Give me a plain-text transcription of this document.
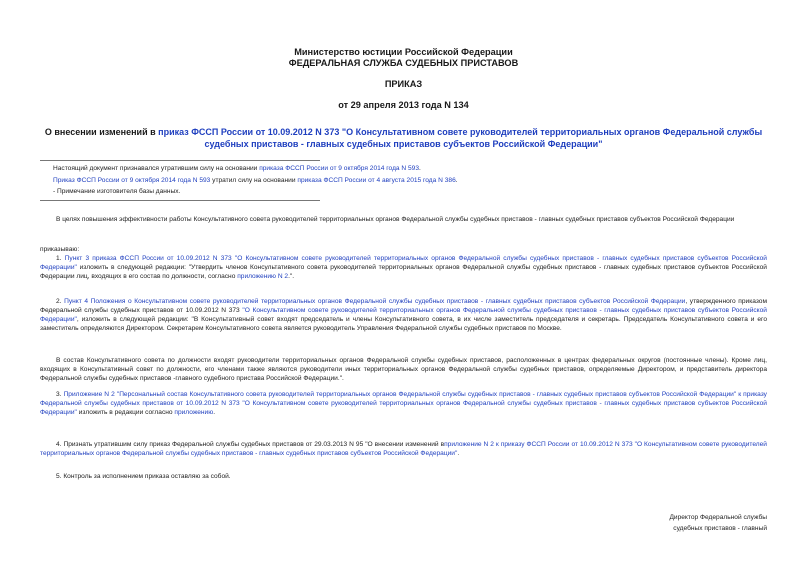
Министерство юстиции Российской Федерации
ФЕДЕРАЛЬНАЯ СЛУЖБА СУДЕБНЫХ ПРИСТАВОВ
ПРИКАЗ
от 29 апреля 2013 года N 134
О внесении изменений в приказ ФССП России от 10.09.2012 N 373 "О Консультативном совете руководителей территориальных органов Федеральной службы судебных приставов - главных судебных приставов субъектов Российской Федерации"
Настоящий документ признавался утратившим силу на основании приказа ФССП России от 9 октября 2014 года N 593.
Приказ ФССП России от 9 октября 2014 года N 593 утратил силу на основании приказа ФССП России от 4 августа 2015 года N 386.
- Примечание изготовителя базы данных.
В целях повышения эффективности работы Консультативного совета руководителей территориальных органов Федеральной службы судебных приставов - главных судебных приставов субъектов Российской Федерации
приказываю:
1. Пункт 3 приказа ФССП России от 10.09.2012 N 373 "О Консультативном совете руководителей территориальных органов Федеральной службы судебных приставов - главных судебных приставов субъектов Российской Федерации" изложить в следующей редакции: "Утвердить членов Консультативного совета руководителей территориальных органов Федеральной службы судебных приставов - главных судебных приставов субъектов Российской Федерации лиц, входящих в его состав по должности, согласно приложению N 2.".
2. Пункт 4 Положения о Консультативном совете руководителей территориальных органов Федеральной службы судебных приставов - главных судебных приставов субъектов Российской Федерации, утвержденного приказом Федеральной службы судебных приставов от 10.09.2012 N 373 "О Консультативном совете руководителей территориальных органов Федеральной службы судебных приставов - главных судебных приставов субъектов Российской Федерации", изложить в следующей редакции: "В Консультативный совет входят председатель и члены Консультативного совета, в их числе заместитель председателя и секретарь. Председатель Консультативного совета и его заместитель определяются Директором. Секретарем Консультативного совета является руководитель Управления Федеральной службы судебных приставов по Москве.
В состав Консультативного совета по должности входят руководители территориальных органов Федеральной службы судебных приставов, расположенных в центрах федеральных округов (постоянные члены). Кроме лиц, входящих в Консультативный совет по должности, его членами также являются руководители иных территориальных органов Федеральной службы судебных приставов, определяемые Директором, и представитель директора Федеральной службы судебных приставов -главного судебного пристава Российской Федерации.".
3. Приложение N 2 "Персональный состав Консультативного совета руководителей территориальных органов Федеральной службы судебных приставов - главных судебных приставов субъектов Российской Федерации" к приказу Федеральной службы судебных приставов от 10.09.2012 N 373 "О Консультативном совете руководителей территориальных органов Федеральной службы судебных приставов - главных судебных приставов субъектов Российской Федерации" изложить в редакции согласно приложению.
4. Признать утратившим силу приказ Федеральной службы судебных приставов от 29.03.2013 N 95 "О внесении изменений вприложение N 2 к приказу ФССП России от 10.09.2012 N 373 "О Консультативном совете руководителей территориальных органов Федеральной службы судебных приставов - главных судебных приставов субъектов Российской Федерации".
5. Контроль за исполнением приказа оставляю за собой.
Директор Федеральной службы
судебных приставов - главный
